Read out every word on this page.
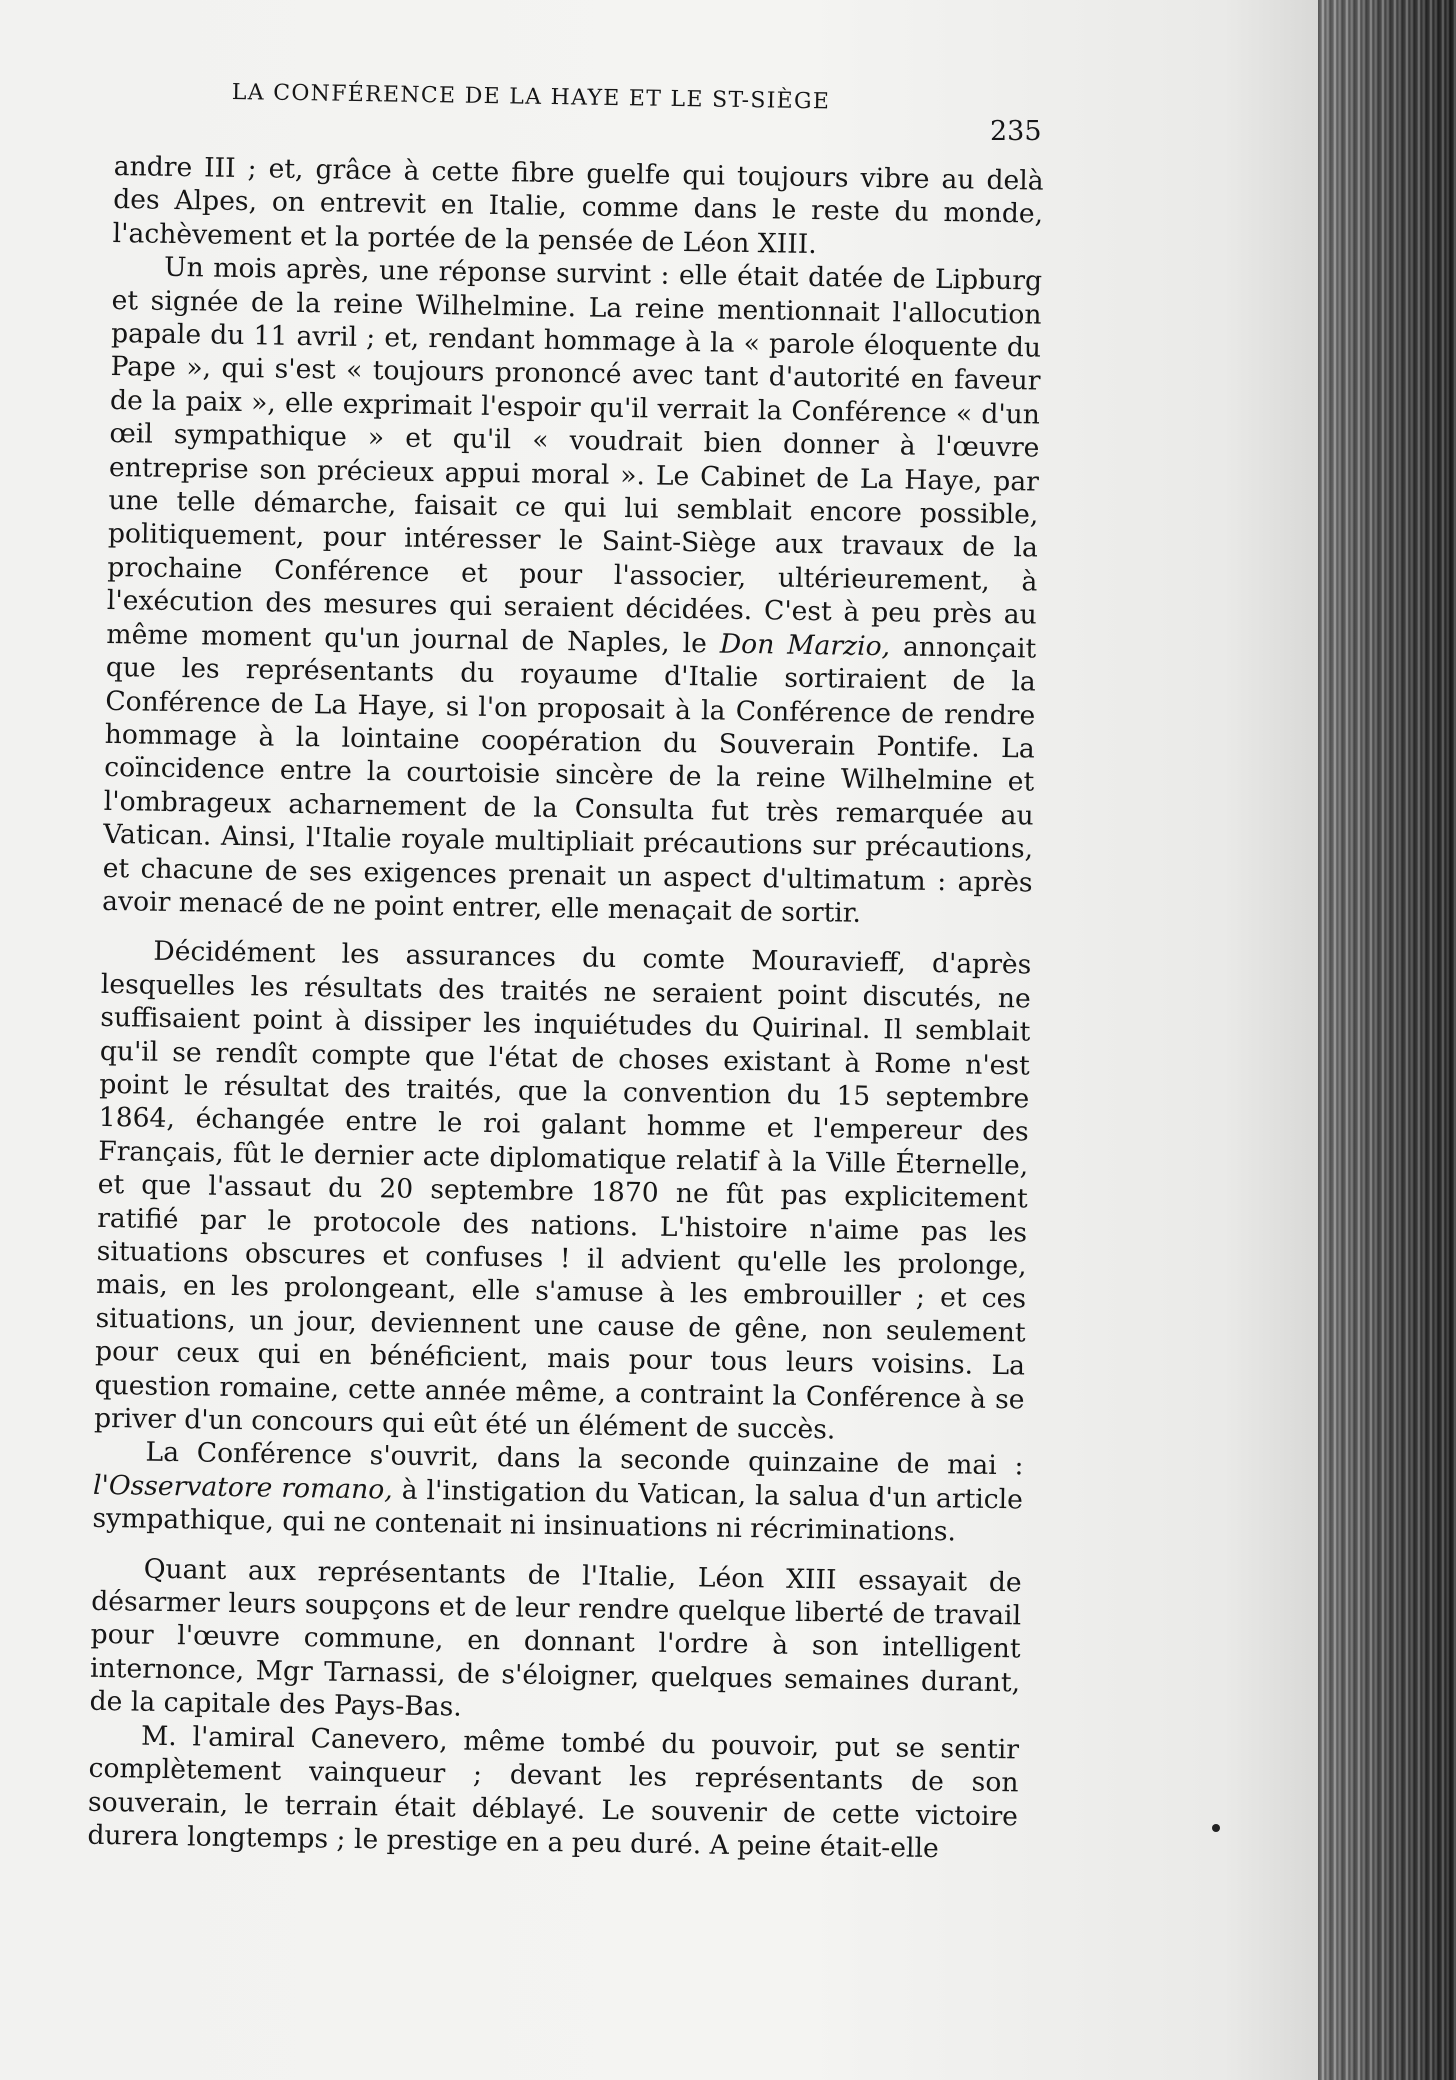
LA CONFÉRENCE DE LA HAYE ET LE ST-SIÈGE
235

andre III ; et, grâce à cette fibre guelfe qui toujours vibre au delà des Alpes, on entrevit en Italie, comme dans le reste du monde, l'achèvement et la portée de la pensée de Léon XIII.

Un mois après, une réponse survint : elle était datée de Lipburg et signée de la reine Wilhelmine. La reine mentionnait l'allocution papale du 11 avril ; et, rendant hommage à la « parole éloquente du Pape », qui s'est « toujours prononcé avec tant d'autorité en faveur de la paix », elle exprimait l'espoir qu'il verrait la Conférence « d'un œil sympathique » et qu'il « voudrait bien donner à l'œuvre entreprise son précieux appui moral ». Le Cabinet de La Haye, par une telle démarche, faisait ce qui lui semblait encore possible, politiquement, pour intéresser le Saint-Siège aux travaux de la prochaine Conférence et pour l'associer, ultérieurement, à l'exécution des mesures qui seraient décidées. C'est à peu près au même moment qu'un journal de Naples, le Don Marzio, annonçait que les représentants du royaume d'Italie sortiraient de la Conférence de La Haye, si l'on proposait à la Conférence de rendre hommage à la lointaine coopération du Souverain Pontife. La coïncidence entre la courtoisie sincère de la reine Wilhelmine et l'ombrageux acharnement de la Consulta fut très remarquée au Vatican. Ainsi, l'Italie royale multipliait précautions sur précautions, et chacune de ses exigences prenait un aspect d'ultimatum : après avoir menacé de ne point entrer, elle menaçait de sortir.

Décidément les assurances du comte Mouravieff, d'après lesquelles les résultats des traités ne seraient point discutés, ne suffisaient point à dissiper les inquiétudes du Quirinal. Il semblait qu'il se rendît compte que l'état de choses existant à Rome n'est point le résultat des traités, que la convention du 15 septembre 1864, échangée entre le roi galant homme et l'empereur des Français, fût le dernier acte diplomatique relatif à la Ville Éternelle, et que l'assaut du 20 septembre 1870 ne fût pas explicitement ratifié par le protocole des nations. L'histoire n'aime pas les situations obscures et confuses ! il advient qu'elle les prolonge, mais, en les prolongeant, elle s'amuse à les embrouiller ; et ces situations, un jour, deviennent une cause de gêne, non seulement pour ceux qui en bénéficient, mais pour tous leurs voisins. La question romaine, cette année même, a contraint la Conférence à se priver d'un concours qui eût été un élément de succès.

La Conférence s'ouvrit, dans la seconde quinzaine de mai : l'Osservatore romano, à l'instigation du Vatican, la salua d'un article sympathique, qui ne contenait ni insinuations ni récriminations.

Quant aux représentants de l'Italie, Léon XIII essayait de désarmer leurs soupçons et de leur rendre quelque liberté de travail pour l'œuvre commune, en donnant l'ordre à son intelligent internonce, Mgr Tarnassi, de s'éloigner, quelques semaines durant, de la capitale des Pays-Bas.

M. l'amiral Canevero, même tombé du pouvoir, put se sentir complètement vainqueur ; devant les représentants de son souverain, le terrain était déblayé. Le souvenir de cette victoire durera longtemps ; le prestige en a peu duré. A peine était-elle
